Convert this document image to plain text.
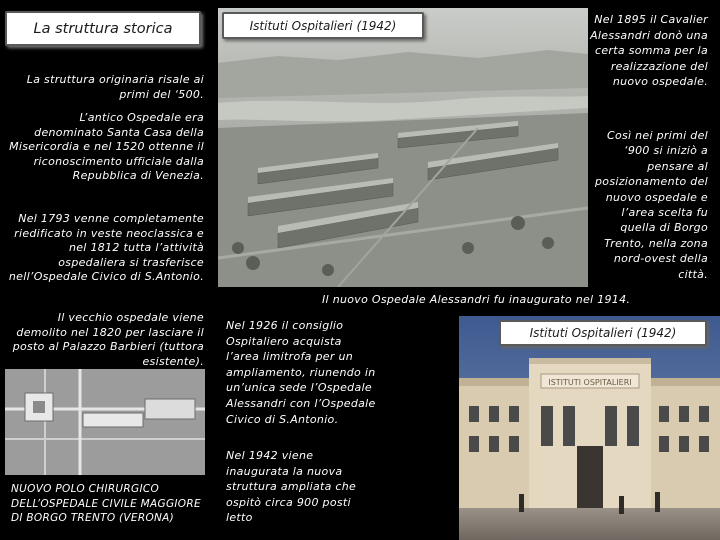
La struttura storica	Istituti Ospitalieri (1942)
La struttura originaria risale ai primi del ‘500.
L’antico Ospedale era denominato Santa Casa della Misericordia e nel 1520 ottenne il riconoscimento ufficiale dalla Repubblica di Venezia.
Nel 1793 venne completamente riedificato in veste neoclassica e nel 1812 tutta l’attività ospedaliera si trasferisce nell’Ospedale Civico di S.Antonio.
Il vecchio ospedale viene demolito nel 1820 per lasciare il posto al Palazzo Barbieri (tuttora esistente).
NUOVO POLO CHIRURGICO DELL’OSPEDALE CIVILE MAGGIORE DI BORGO TRENTO (VERONA)
Nel 1895 il Cavalier Alessandri donò una certa somma per la realizzazione del nuovo ospedale.
Così nei primi del ‘900 si iniziò a pensare al posizionamento del nuovo ospedale e l’area scelta fu quella di Borgo Trento, nella zona nord-ovest della città.
Il nuovo Ospedale Alessandri fu inaugurato nel 1914.
Nel 1926 il consiglio Ospitaliero acquista l’area limitrofa per un ampliamento, riunendo in un’unica sede l’Ospedale Alessandri con l’Ospedale Civico di S.Antonio.
Nel 1942 viene inaugurata la nuova struttura ampliata che ospitò circa 900 posti letto
ISTITUTI OSPITALIERI
Istituti Ospitalieri (1942)
